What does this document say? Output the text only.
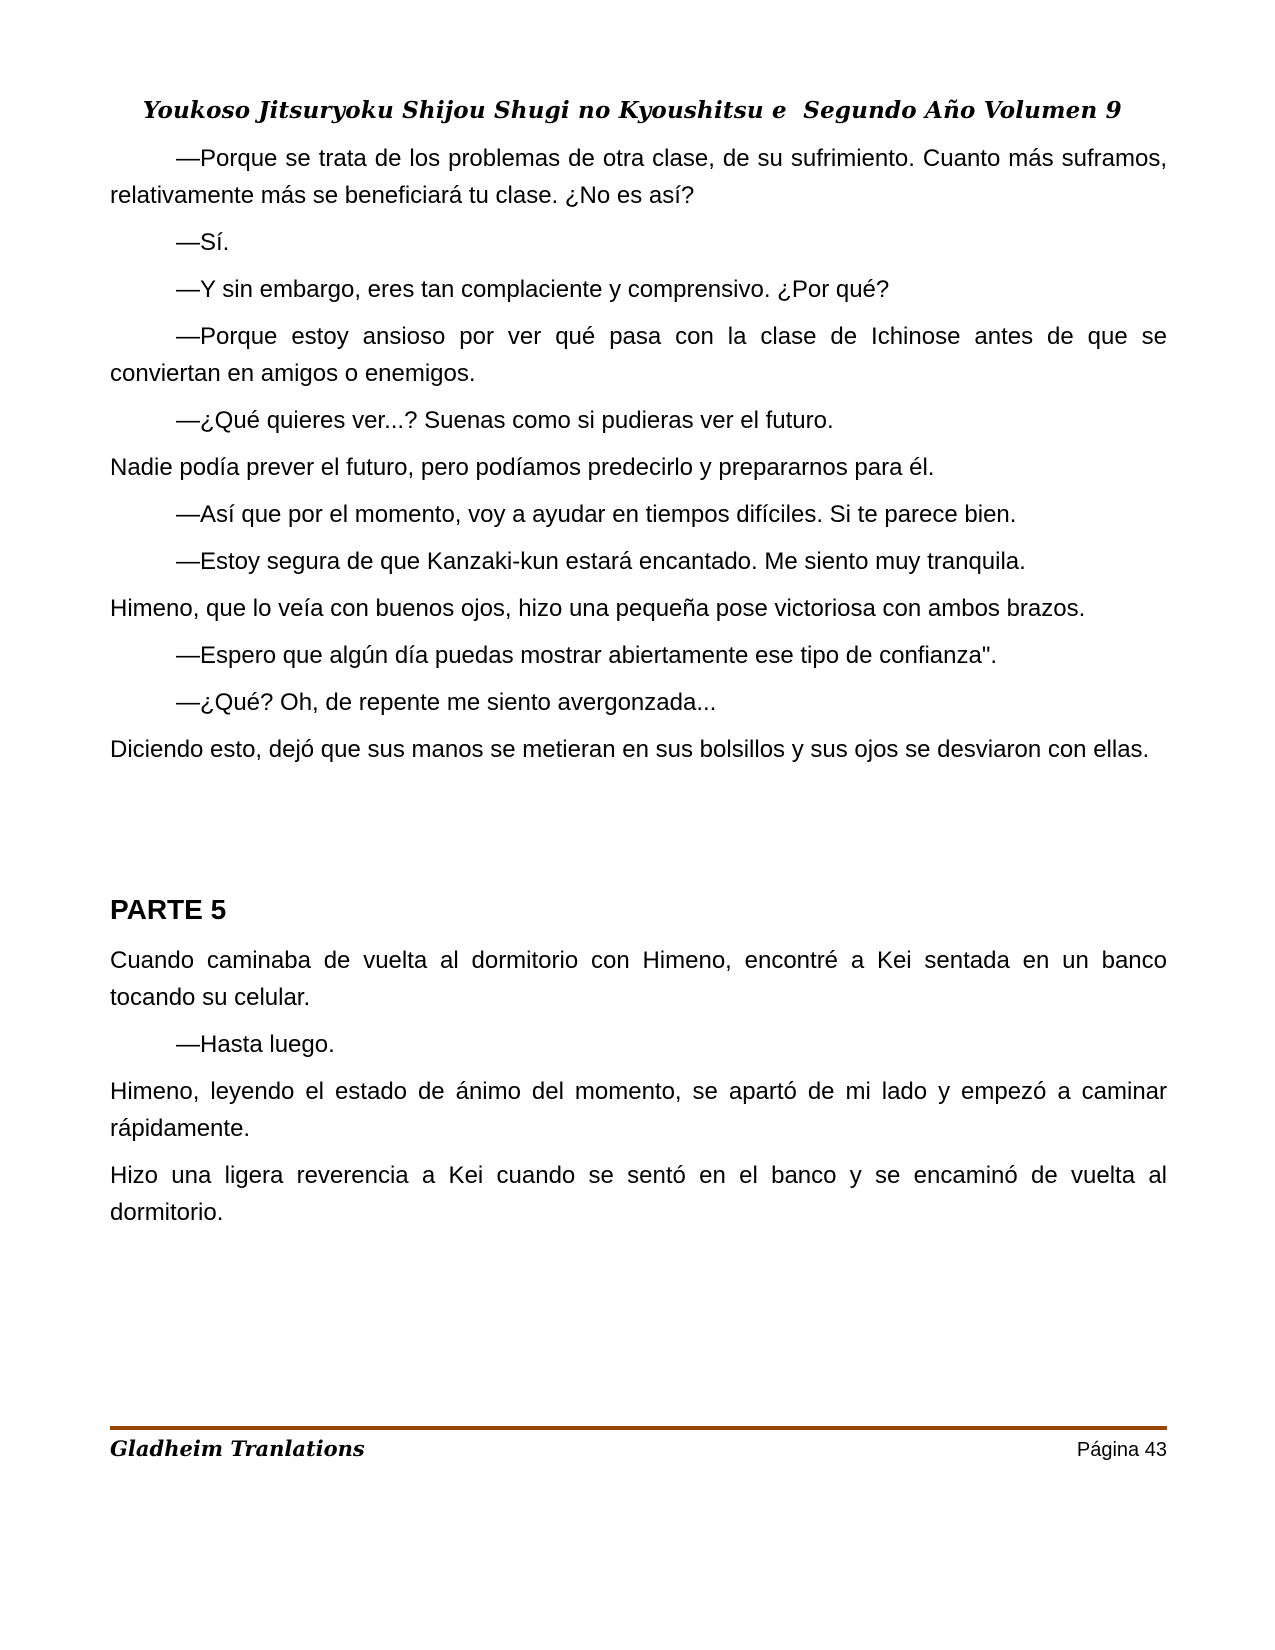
Youkoso Jitsuryoku Shijou Shugi no Kyoushitsu e  Segundo Año Volumen 9

—Porque se trata de los problemas de otra clase, de su sufrimiento. Cuanto más suframos, relativamente más se beneficiará tu clase. ¿No es así?

—Sí.

—Y sin embargo, eres tan complaciente y comprensivo. ¿Por qué?

—Porque estoy ansioso por ver qué pasa con la clase de Ichinose antes de que se conviertan en amigos o enemigos.

—¿Qué quieres ver...? Suenas como si pudieras ver el futuro.

Nadie podía prever el futuro, pero podíamos predecirlo y prepararnos para él.

—Así que por el momento, voy a ayudar en tiempos difíciles. Si te parece bien.

—Estoy segura de que Kanzaki-kun estará encantado. Me siento muy tranquila.

Himeno, que lo veía con buenos ojos, hizo una pequeña pose victoriosa con ambos brazos.

—Espero que algún día puedas mostrar abiertamente ese tipo de confianza".

—¿Qué? Oh, de repente me siento avergonzada...

Diciendo esto, dejó que sus manos se metieran en sus bolsillos y sus ojos se desviaron con ellas.

PARTE 5

Cuando caminaba de vuelta al dormitorio con Himeno, encontré a Kei sentada en un banco tocando su celular.

—Hasta luego.

Himeno, leyendo el estado de ánimo del momento, se apartó de mi lado y empezó a caminar rápidamente.

Hizo una ligera reverencia a Kei cuando se sentó en el banco y se encaminó de vuelta al dormitorio.

Gladheim Tranlations	Página 43
